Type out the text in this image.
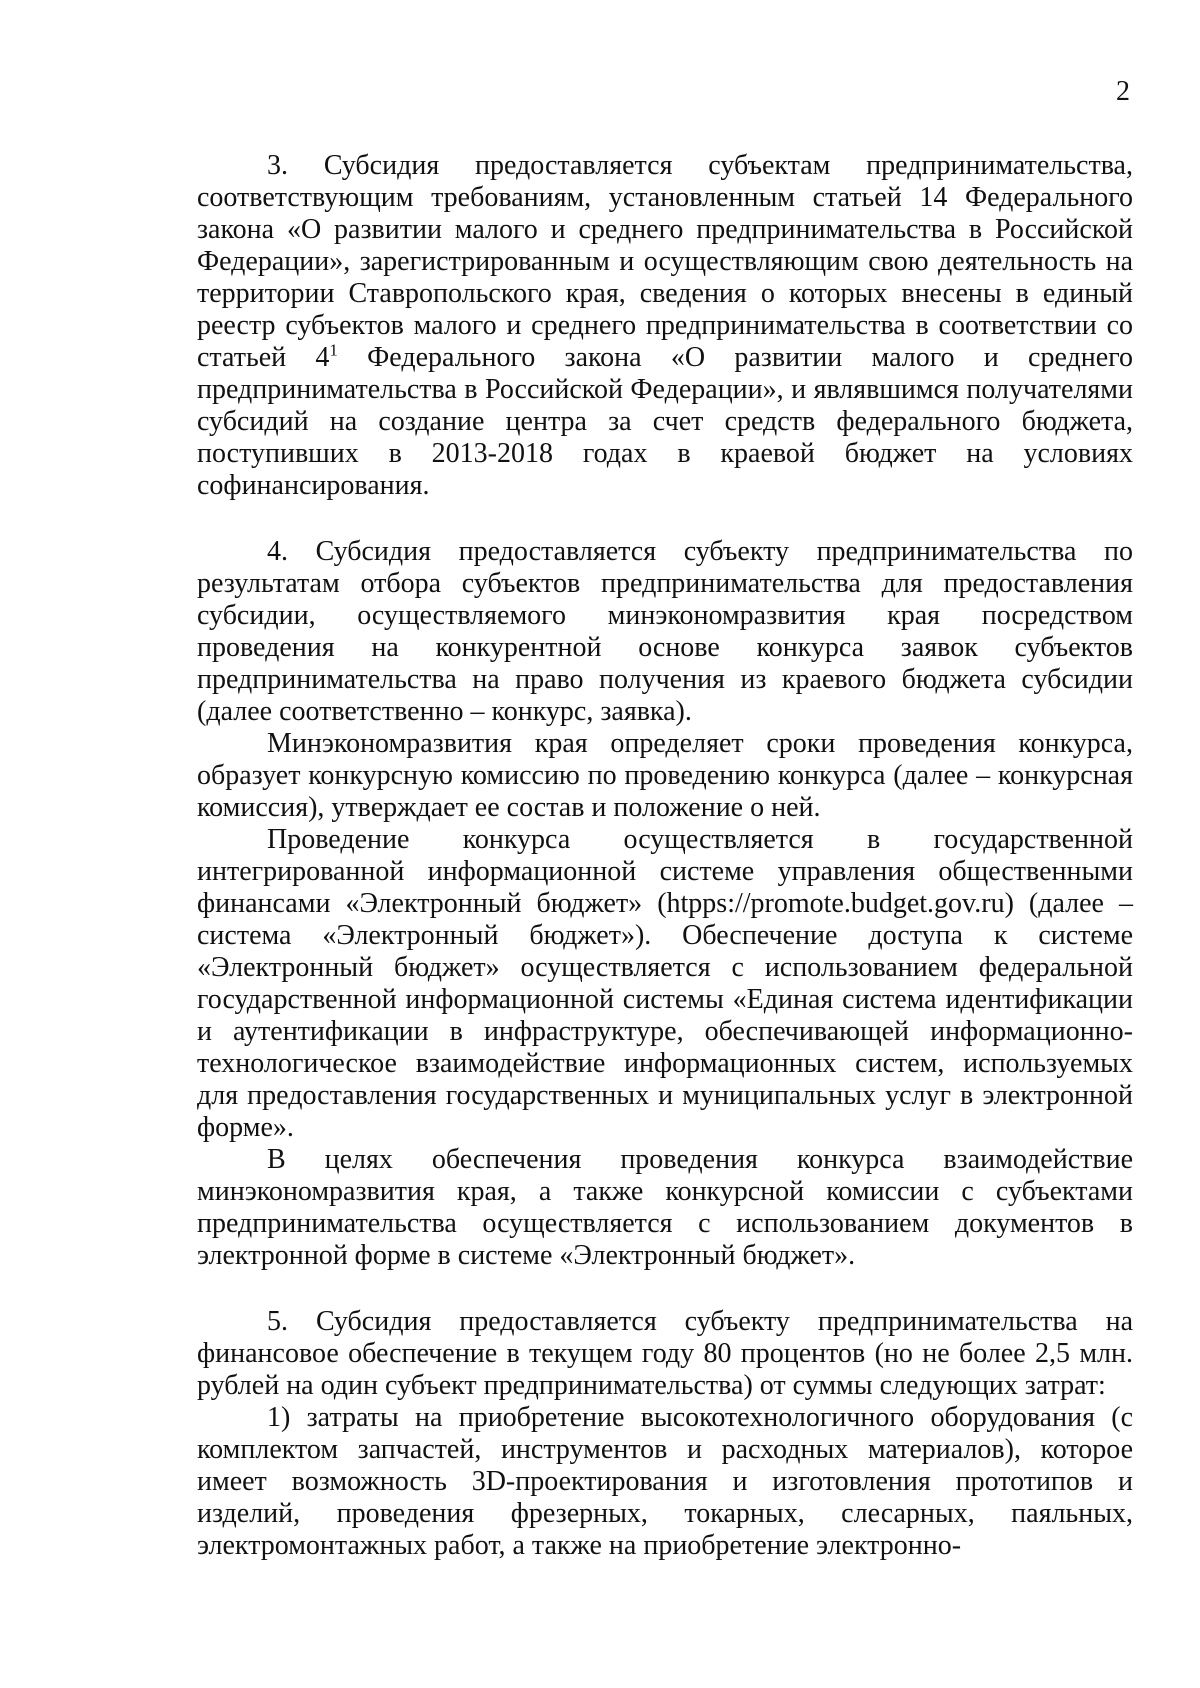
2

3. Субсидия предоставляется субъектам предпринимательства, соответствующим требованиям, установленным статьей 14 Федерального закона «О развитии малого и среднего предпринимательства в Российской Федерации», зарегистрированным и осуществляющим свою деятельность на территории Ставропольского края, сведения о которых внесены в единый реестр субъектов малого и среднего предпринимательства в соответствии со статьей $4^1$ Федерального закона «О развитии малого и среднего предпринимательства в Российской Федерации», и являвшимся получателями субсидий на создание центра за счет средств федерального бюджета, поступивших в 2013-2018 годах в краевой бюджет на условиях софинансирования.

4. Субсидия предоставляется субъекту предпринимательства по результатам отбора субъектов предпринимательства для предоставления субсидии, осуществляемого минэкономразвития края посредством проведения на конкурентной основе конкурса заявок субъектов предпринимательства на право получения из краевого бюджета субсидии (далее соответственно – конкурс, заявка).

Минэкономразвития края определяет сроки проведения конкурса, образует конкурсную комиссию по проведению конкурса (далее – конкурсная комиссия), утверждает ее состав и положение о ней.

Проведение конкурса осуществляется в государственной интегрированной информационной системе управления общественными финансами «Электронный бюджет» (htpps://promote.budget.gov.ru) (далее – система «Электронный бюджет»). Обеспечение доступа к системе «Электронный бюджет» осуществляется с использованием федеральной государственной информационной системы «Единая система идентификации и аутентификации в инфраструктуре, обеспечивающей информационно-технологическое взаимодействие информационных систем, используемых для предоставления государственных и муниципальных услуг в электронной форме».

В целях обеспечения проведения конкурса взаимодействие минэкономразвития края, а также конкурсной комиссии с субъектами предпринимательства осуществляется с использованием документов в электронной форме в системе «Электронный бюджет».

5. Субсидия предоставляется субъекту предпринимательства на финансовое обеспечение в текущем году 80 процентов (но не более 2,5 млн. рублей на один субъект предпринимательства) от суммы следующих затрат:

1) затраты на приобретение высокотехнологичного оборудования (с комплектом запчастей, инструментов и расходных материалов), которое имеет возможность 3D-проектирования и изготовления прототипов и изделий, проведения фрезерных, токарных, слесарных, паяльных, электромонтажных работ, а также на приобретение электронно-
